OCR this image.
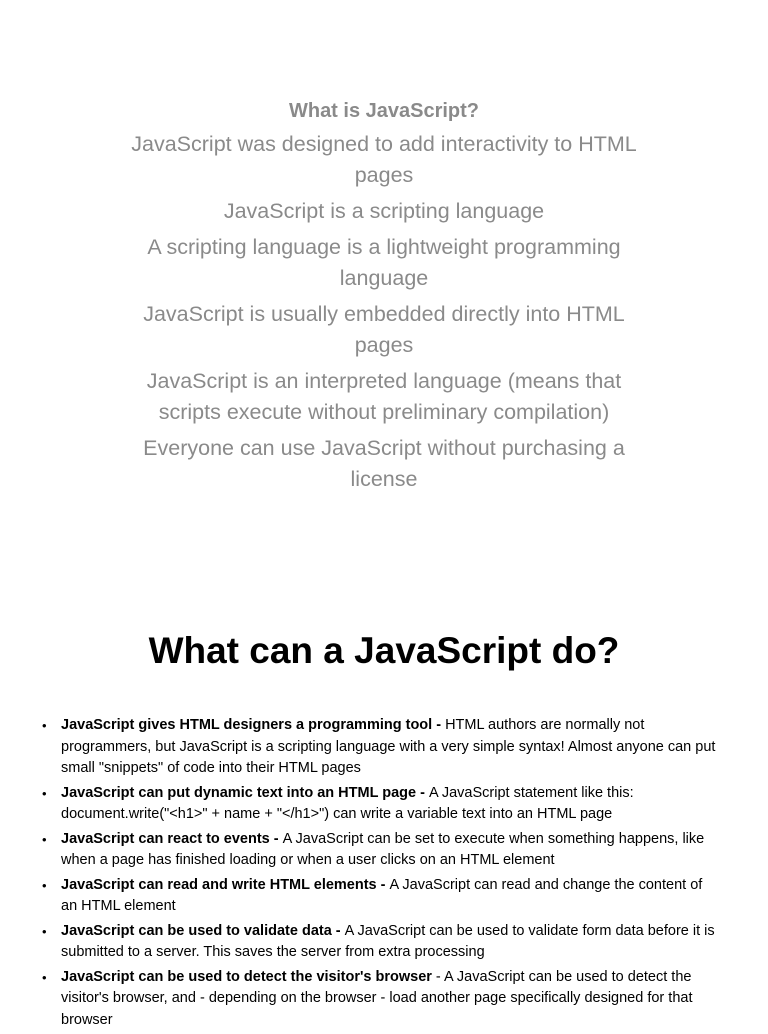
What is JavaScript?
JavaScript was designed to add interactivity to HTML pages
JavaScript is a scripting language
A scripting language is a lightweight programming language
JavaScript is usually embedded directly into HTML pages
JavaScript is an interpreted language (means that scripts execute without preliminary compilation)
Everyone can use JavaScript without purchasing a license
What can a JavaScript do?
• JavaScript gives HTML designers a programming tool - HTML authors are normally not programmers, but JavaScript is a scripting language with a very simple syntax! Almost anyone can put small "snippets" of code into their HTML pages
• JavaScript can put dynamic text into an HTML page - A JavaScript statement like this: document.write("<h1>" + name + "</h1>") can write a variable text into an HTML page
• JavaScript can react to events - A JavaScript can be set to execute when something happens, like when a page has finished loading or when a user clicks on an HTML element
• JavaScript can read and write HTML elements - A JavaScript can read and change the content of an HTML element
• JavaScript can be used to validate data - A JavaScript can be used to validate form data before it is submitted to a server. This saves the server from extra processing
• JavaScript can be used to detect the visitor's browser - A JavaScript can be used to detect the visitor's browser, and - depending on the browser - load another page specifically designed for that browser
